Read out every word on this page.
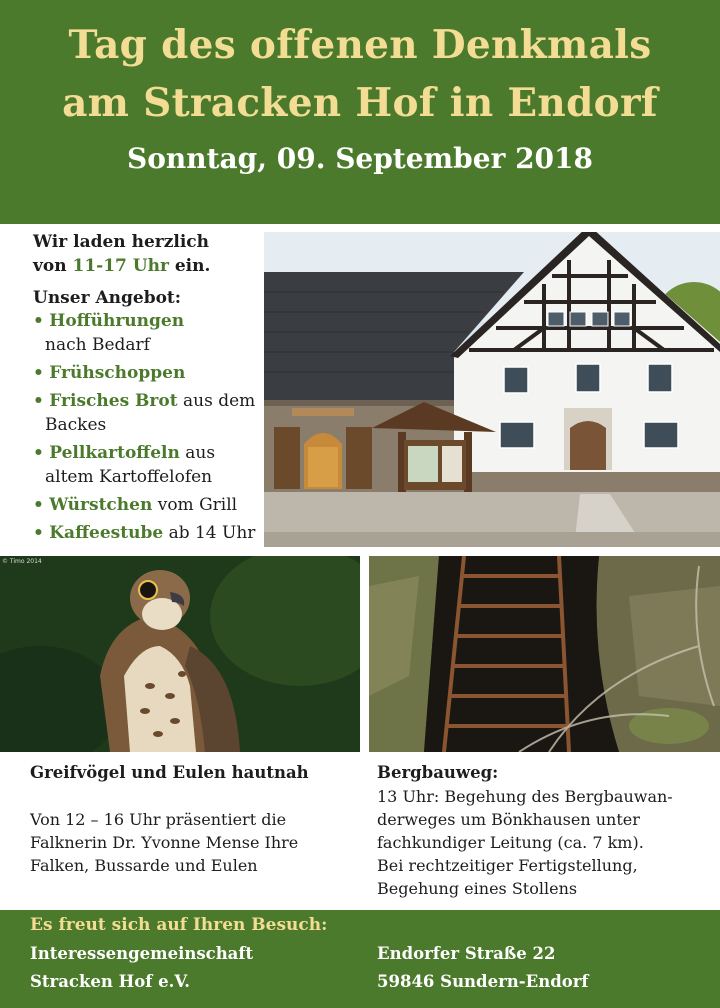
Tag des offenen Denkmals
am Stracken Hof in Endorf
Sonntag, 09. September 2018
Wir laden herzlich
von 11-17 Uhr ein.
Unser Angebot:
• Hofführungen
nach Bedarf
• Frühschoppen
• Frisches Brot aus dem Backes
• Pellkartoffeln aus altem Kartoffelofen
• Würstchen vom Grill
• Kaffeestube ab 14 Uhr
© Timo 2014
Greifvögel und Eulen hautnah
Von 12 – 16 Uhr präsentiert die Falknerin Dr. Yvonne Mense Ihre Falken, Bussarde und Eulen
Bergbauweg:
13 Uhr: Begehung des Bergbauwan-
derweges um Bönkhausen unter
fachkundiger Leitung (ca. 7 km).
Bei rechtzeitiger Fertigstellung,
Begehung eines Stollens
Es freut sich auf Ihren Besuch:
Interessengemeinschaft
Stracken Hof e.V.
Endorfer Straße 22
59846 Sundern-Endorf
